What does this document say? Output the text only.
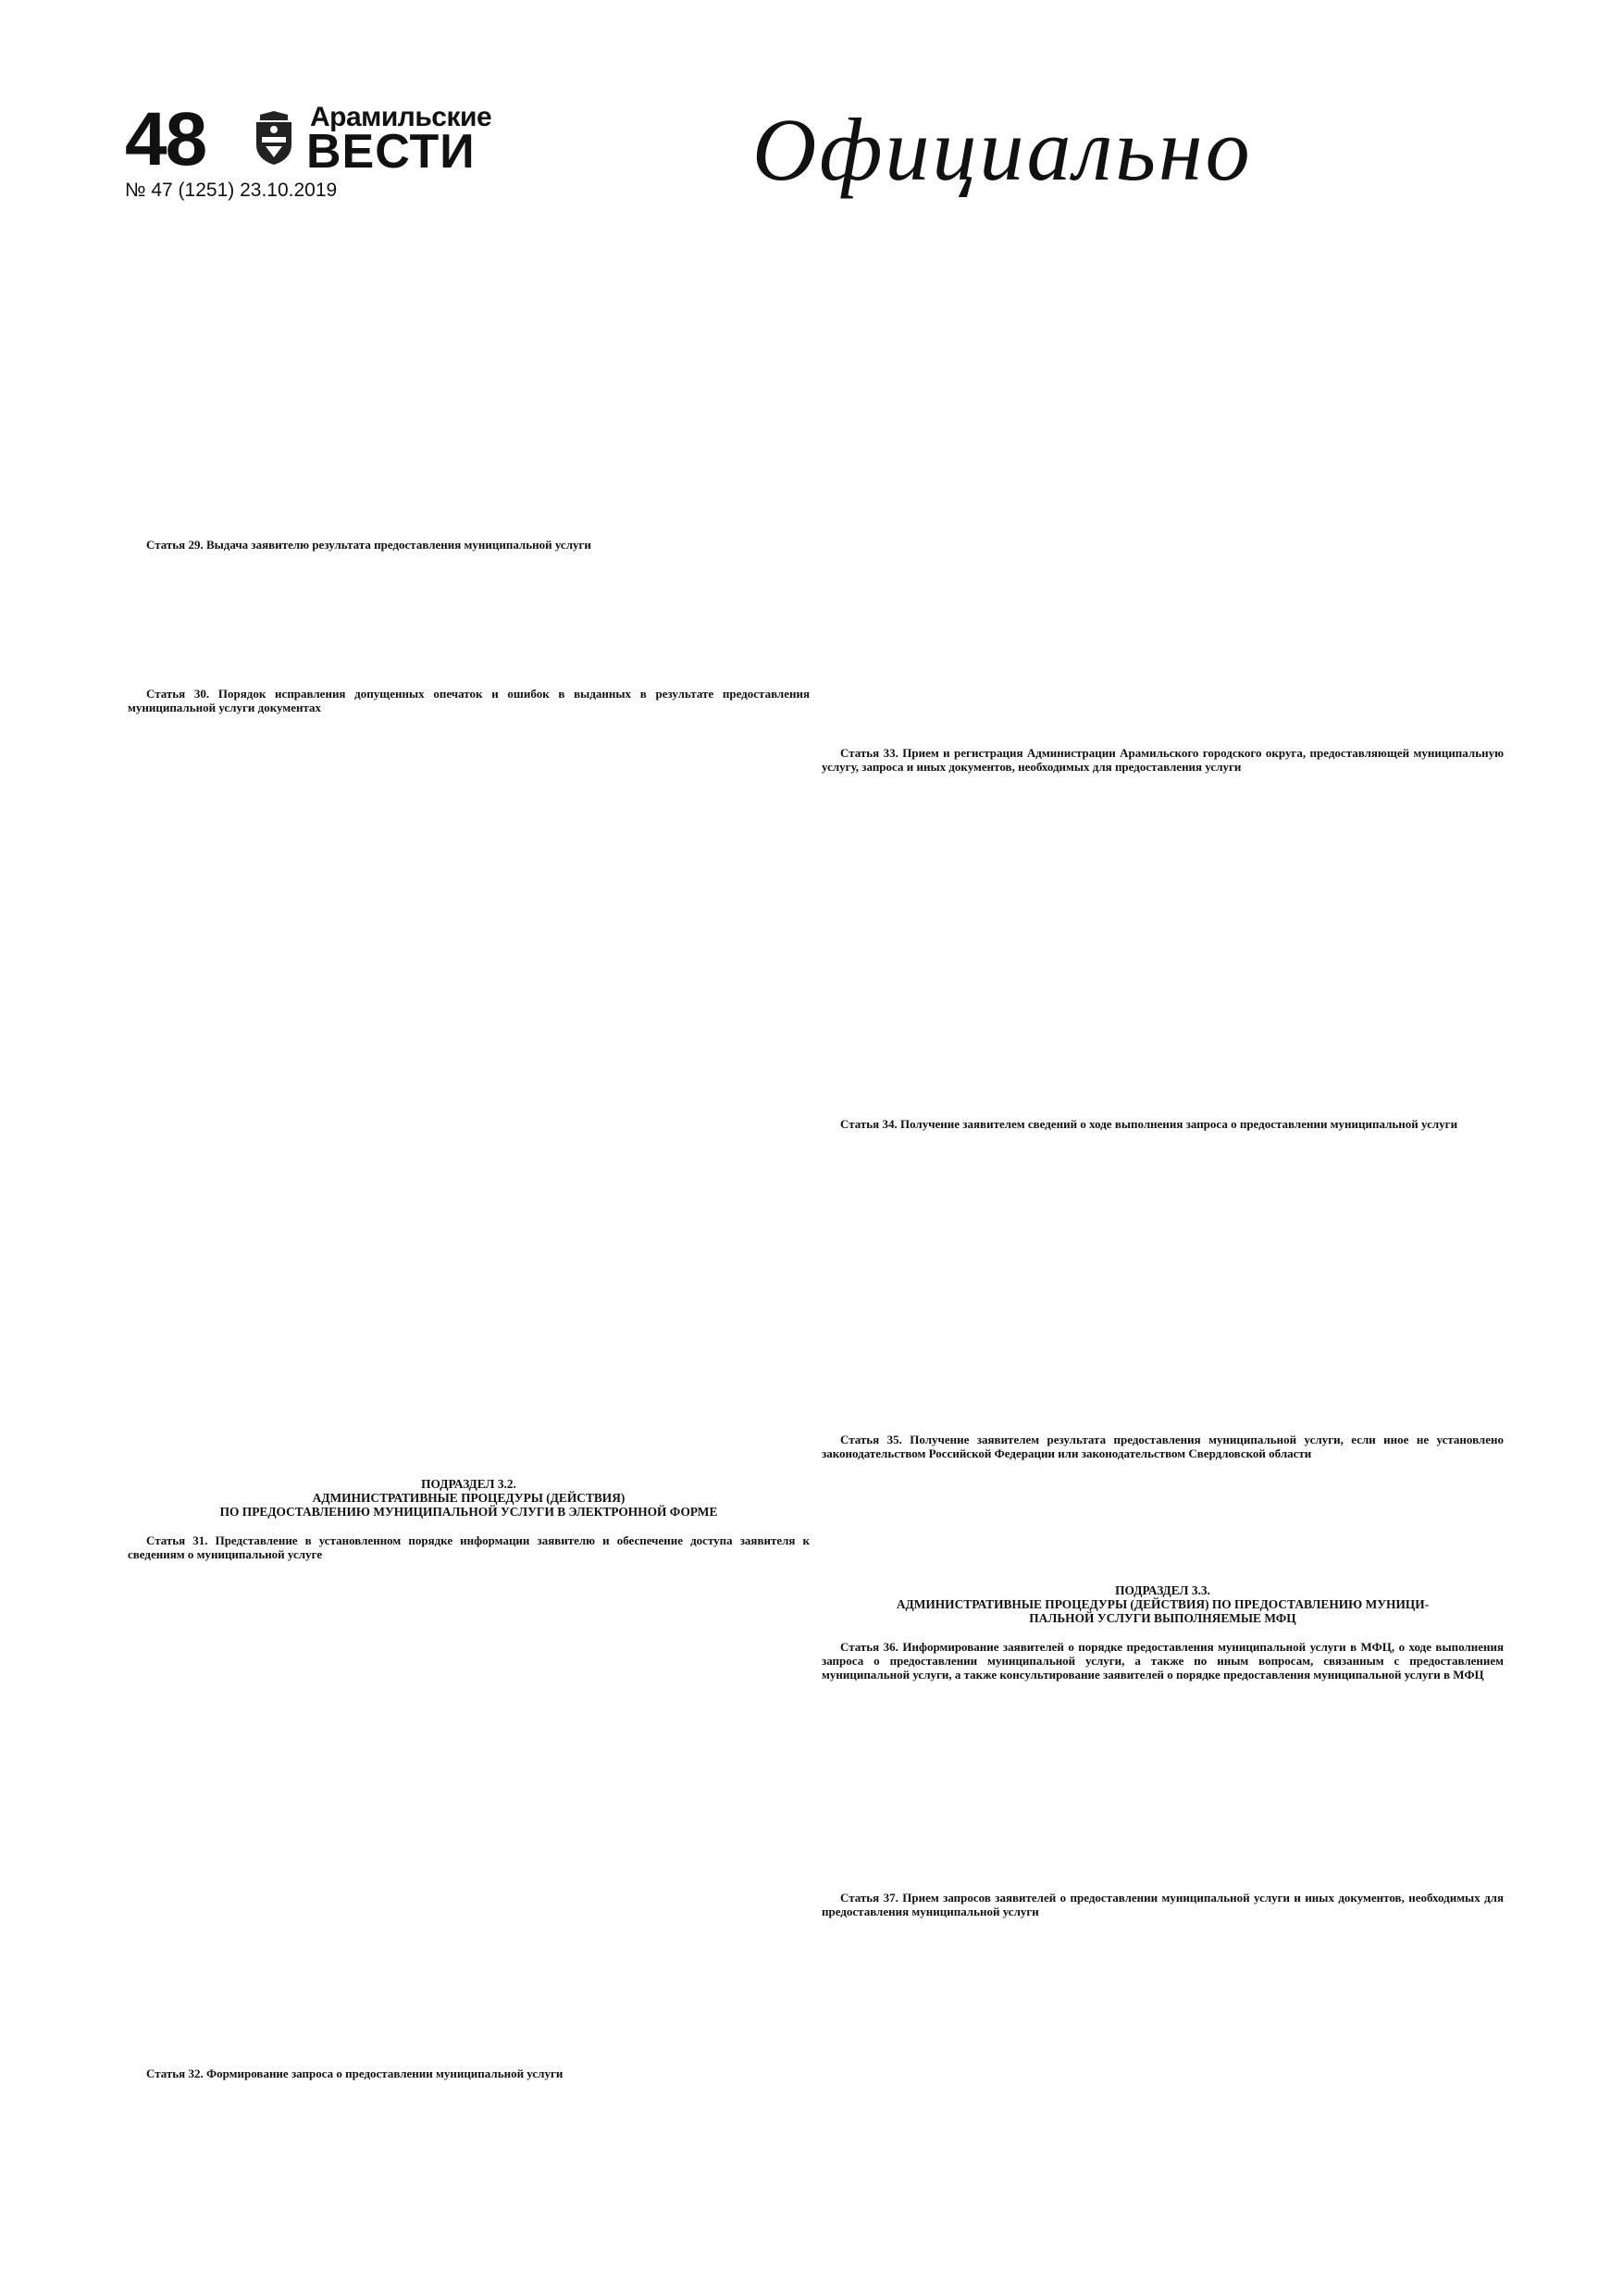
48	Арамильские
ВЕСТИ
№ 47 (1251) 23.10.2019	Официально

Статья 29. Выдача заявителю результата предоставления муниципальной услуги

Статья 30. Порядок исправления допущенных опечаток и ошибок в выданных в результате предоставления муниципальной услуги документах

ПОДРАЗДЕЛ 3.2.
АДМИНИСТРАТИВНЫЕ ПРОЦЕДУРЫ (ДЕЙСТВИЯ)
ПО ПРЕДОСТАВЛЕНИЮ МУНИЦИПАЛЬНОЙ УСЛУГИ В ЭЛЕКТРОННОЙ ФОРМЕ
Статья 31. Представление в установленном порядке информации заявителю и обеспечение доступа заявителя к сведениям о муниципальной услуге

Статья 32. Формирование запроса о предоставлении муниципальной услуги

Статья 33. Прием и регистрация Администрации Арамильского городского округа, предоставляющей муниципальную услугу, запроса и иных документов, необходимых для предоставления услуги

Статья 34. Получение заявителем сведений о ходе выполнения запроса о предоставлении муниципальной услуги

Статья 35. Получение заявителем результата предоставления муниципальной услуги, если иное не установлено законодательством Российской Федерации или законодательством Свердловской области

ПОДРАЗДЕЛ 3.3.
АДМИНИСТРАТИВНЫЕ ПРОЦЕДУРЫ (ДЕЙСТВИЯ) ПО ПРЕДОСТАВЛЕНИЮ МУНИЦИ-
ПАЛЬНОЙ УСЛУГИ ВЫПОЛНЯЕМЫЕ МФЦ
Статья 36. Информирование заявителей о порядке предоставления муниципальной услуги в МФЦ, о ходе выполнения запроса о предоставлении муниципальной услуги, а также по иным вопросам, связанным с предоставлением муниципальной услуги, а также консультирование заявителей о порядке предоставления муниципальной услуги в МФЦ

Статья 37. Прием запросов заявителей о предоставлении муниципальной услуги и иных документов, необходимых для предоставления муниципальной услуги
